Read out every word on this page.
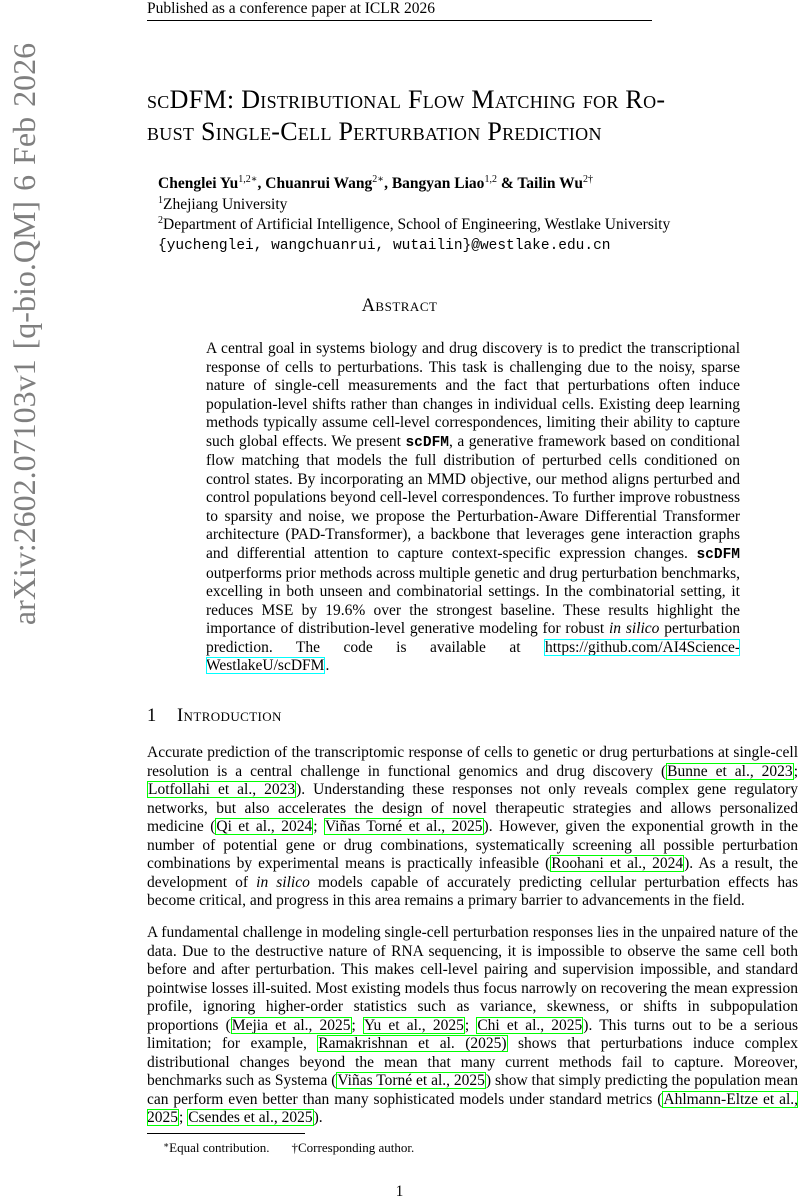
Published as a conference paper at ICLR 2026
arXiv:2602.07103v1 [q-bio.QM] 6 Feb 2026	scDFM: Distributional Flow Matching for Ro-
bust Single-Cell Perturbation Prediction
Chenglei $Yu^{1,2∗}$, Chuanrui Wang$^{2∗}$, Bangyan Liao$^{1,2}$ & Tailin $Wu^{2\dagger}$
$^1$Zhejiang University
$^2$Department of Artificial Intelligence, School of Engineering, Westlake University
{yuchenglei, wangchuanrui, wutailin}@westlake.edu.cn
Abstract

A central goal in systems biology and drug discovery is to predict the transcriptional response of cells to perturbations. This task is challenging due to the noisy, sparse nature of single-cell measurements and the fact that perturbations often induce population-level shifts rather than changes in individual cells. Existing deep learning methods typically assume cell-level correspondences, limiting their ability to capture such global effects. We present scDFM, a generative framework based on conditional flow matching that models the full distribution of perturbed cells conditioned on control states. By incorporating an MMD objective, our method aligns perturbed and control populations beyond cell-level correspondences. To further improve robustness to sparsity and noise, we propose the Perturbation-Aware Differential Transformer architecture (PAD-Transformer), a backbone that leverages gene interaction graphs and differential attention to capture context-specific expression changes. scDFM outperforms prior methods across multiple genetic and drug perturbation benchmarks, excelling in both unseen and combinatorial settings. In the combinatorial setting, it reduces MSE by 19.6% over the strongest baseline. These results highlight the importance of distribution-level generative modeling for robust in silico perturbation prediction. The code is available at https://github.com/AI4Science-WestlakeU/scDFM.

1 Introduction

Accurate prediction of the transcriptomic response of cells to genetic or drug perturbations at single-cell resolution is a central challenge in functional genomics and drug discovery (Bunne et al., 2023; Lotfollahi et al., 2023). Understanding these responses not only reveals complex gene regulatory networks, but also accelerates the design of novel therapeutic strategies and allows personalized medicine (Qi et al., 2024; Viñas Torné et al., 2025). However, given the exponential growth in the number of potential gene or drug combinations, systematically screening all possible perturbation combinations by experimental means is practically infeasible (Roohani et al., 2024). As a result, the development of in silico models capable of accurately predicting cellular perturbation effects has become critical, and progress in this area remains a primary barrier to advancements in the field.

A fundamental challenge in modeling single-cell perturbation responses lies in the unpaired nature of the data. Due to the destructive nature of RNA sequencing, it is impossible to observe the same cell both before and after perturbation. This makes cell-level pairing and supervision impossible, and standard pointwise losses ill-suited. Most existing models thus focus narrowly on recovering the mean expression profile, ignoring higher-order statistics such as variance, skewness, or shifts in subpopulation proportions (Mejia et al., 2025; Yu et al., 2025; Chi et al., 2025). This turns out to be a serious limitation; for example, Ramakrishnan et al. (2025) shows that perturbations induce complex distributional changes beyond the mean that many current methods fail to capture. Moreover, benchmarks such as Systema (Viñas Torné et al., 2025) show that simply predicting the population mean can perform even better than many sophisticated models under standard metrics (Ahlmann-Eltze et al., 2025; Csendes et al., 2025).

∗Equal contribution. †Corresponding author.
1
